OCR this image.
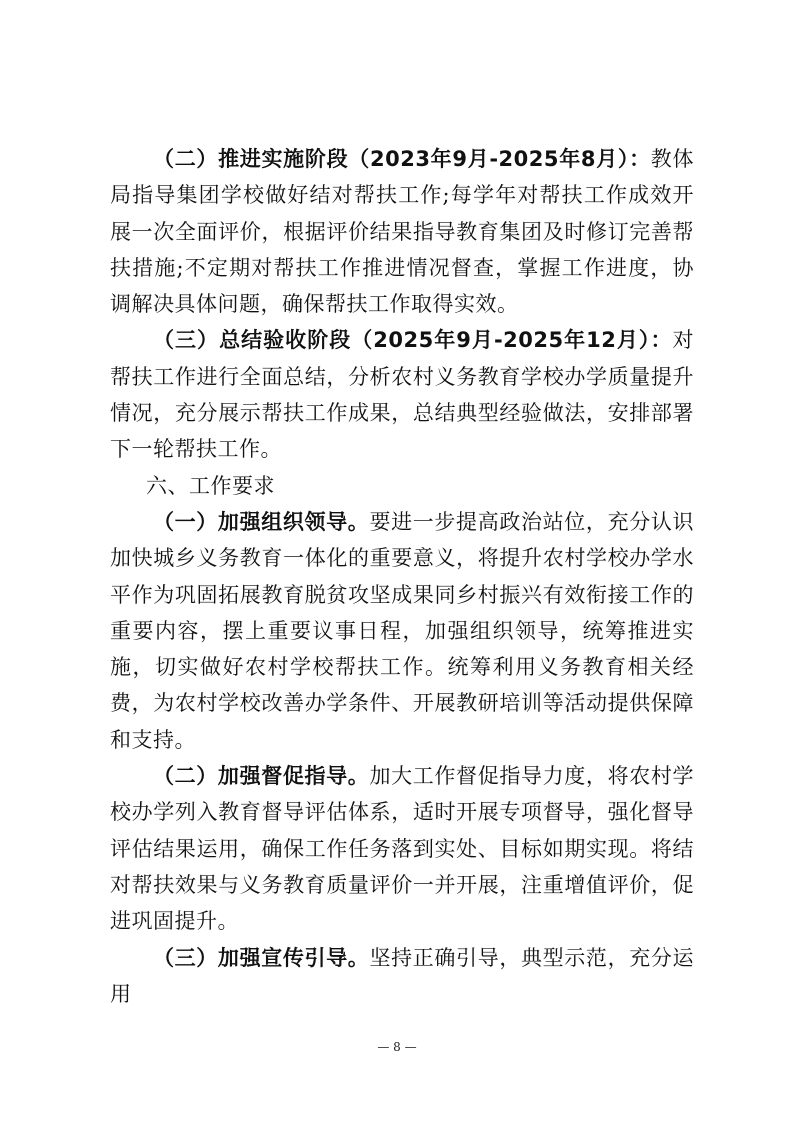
（二）推进实施阶段（2023年9月-2025年8月）：教体局指导集团学校做好结对帮扶工作;每学年对帮扶工作成效开展一次全面评价，根据评价结果指导教育集团及时修订完善帮扶措施;不定期对帮扶工作推进情况督查，掌握工作进度，协调解决具体问题，确保帮扶工作取得实效。

（三）总结验收阶段（2025年9月-2025年12月）：对帮扶工作进行全面总结，分析农村义务教育学校办学质量提升情况，充分展示帮扶工作成果，总结典型经验做法，安排部署下一轮帮扶工作。

六、工作要求

（一）加强组织领导。要进一步提高政治站位，充分认识加快城乡义务教育一体化的重要意义，将提升农村学校办学水平作为巩固拓展教育脱贫攻坚成果同乡村振兴有效衔接工作的重要内容，摆上重要议事日程，加强组织领导，统筹推进实施，切实做好农村学校帮扶工作。统筹利用义务教育相关经费，为农村学校改善办学条件、开展教研培训等活动提供保障和支持。

（二）加强督促指导。加大工作督促指导力度，将农村学校办学列入教育督导评估体系，适时开展专项督导，强化督导评估结果运用，确保工作任务落到实处、目标如期实现。将结对帮扶效果与义务教育质量评价一并开展，注重增值评价，促进巩固提升。

（三）加强宣传引导。坚持正确引导，典型示范，充分运用

— 8 —
